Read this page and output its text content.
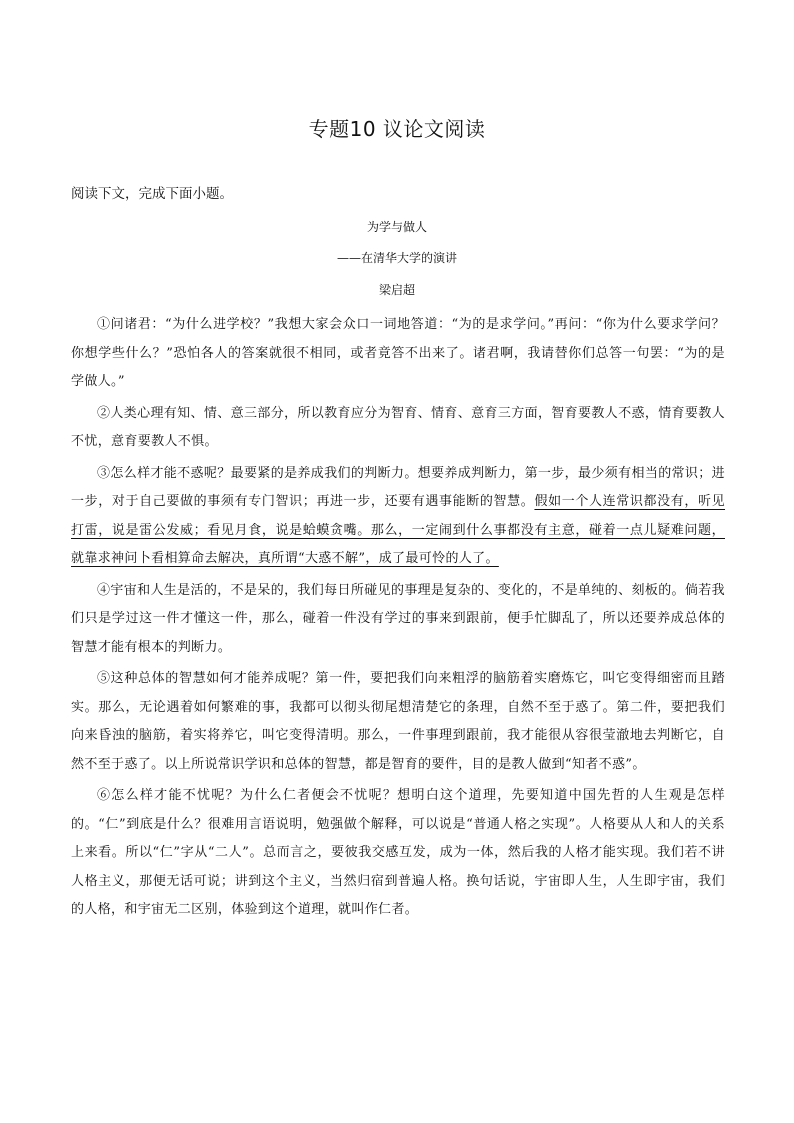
专题10 议论文阅读

阅读下文，完成下面小题。

为学与做人

——在清华大学的演讲

梁启超

①问诸君：“为什么进学校？”我想大家会众口一词地答道：“为的是求学问。”再问：“你为什么要求学问？你想学些什么？”恐怕各人的答案就很不相同，或者竟答不出来了。诸君啊，我请替你们总答一句罢：“为的是学做人。”

②人类心理有知、情、意三部分，所以教育应分为智育、情育、意育三方面，智育要教人不惑，情育要教人不忧，意育要教人不惧。

③怎么样才能不惑呢？最要紧的是养成我们的判断力。想要养成判断力，第一步，最少须有相当的常识；进一步，对于自己要做的事须有专门智识；再进一步，还要有遇事能断的智慧。假如一个人连常识都没有，听见打雷，说是雷公发威；看见月食，说是蛤蟆贪嘴。那么，一定闹到什么事都没有主意，碰着一点儿疑难问题，就靠求神问卜看相算命去解决，真所谓“大惑不解”，成了最可怜的人了。

④宇宙和人生是活的，不是呆的，我们每日所碰见的事理是复杂的、变化的，不是单纯的、刻板的。倘若我们只是学过这一件才懂这一件，那么，碰着一件没有学过的事来到跟前，便手忙脚乱了，所以还要养成总体的智慧才能有根本的判断力。

⑤这种总体的智慧如何才能养成呢？第一件，要把我们向来粗浮的脑筋着实磨炼它，叫它变得细密而且踏实。那么，无论遇着如何繁难的事，我都可以彻头彻尾想清楚它的条理，自然不至于惑了。第二件，要把我们向来昏浊的脑筋，着实将养它，叫它变得清明。那么，一件事理到跟前，我才能很从容很莹澈地去判断它，自然不至于惑了。以上所说常识学识和总体的智慧，都是智育的要件，目的是教人做到“知者不惑”。

⑥怎么样才能不忧呢？为什么仁者便会不忧呢？想明白这个道理，先要知道中国先哲的人生观是怎样的。“仁”到底是什么？很难用言语说明，勉强做个解释，可以说是“普通人格之实现”。人格要从人和人的关系上来看。所以“仁”字从“二人”。总而言之，要彼我交感互发，成为一体，然后我的人格才能实现。我们若不讲人格主义，那便无话可说；讲到这个主义，当然归宿到普遍人格。换句话说，宇宙即人生，人生即宇宙，我们的人格，和宇宙无二区别，体验到这个道理，就叫作仁者。
